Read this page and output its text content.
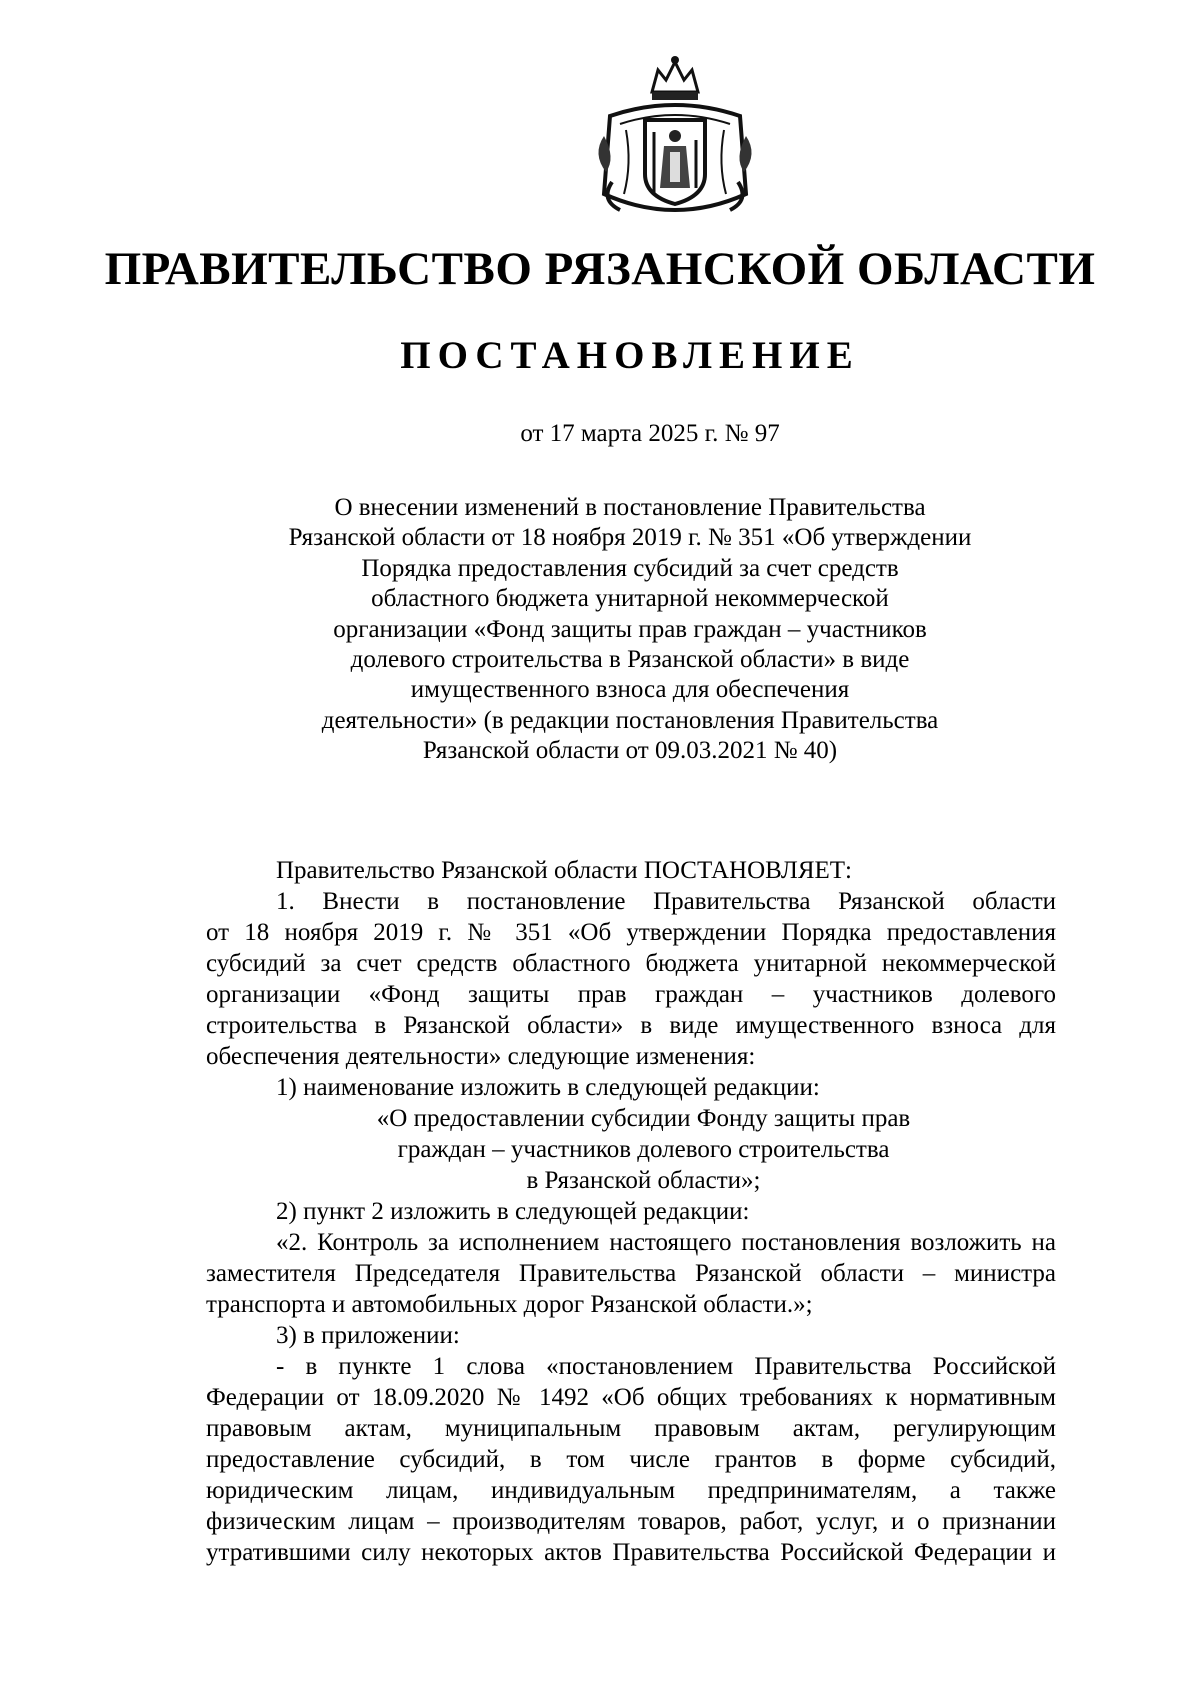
ПРАВИТЕЛЬСТВО РЯЗАНСКОЙ ОБЛАСТИ
ПОСТАНОВЛЕНИЕ
от 17 марта 2025 г. № 97
О внесении изменений в постановление Правительства
Рязанской области от 18 ноября 2019 г. № 351 «Об утверждении
Порядка предоставления субсидий за счет средств
областного бюджета унитарной некоммерческой
организации «Фонд защиты прав граждан – участников
долевого строительства в Рязанской области» в виде
имущественного взноса для обеспечения
деятельности» (в редакции постановления Правительства
Рязанской области от 09.03.2021 № 40)
Правительство Рязанской области ПОСТАНОВЛЯЕТ:
1. Внести в постановление Правительства Рязанской области
от 18 ноября 2019 г. № 351 «Об утверждении Порядка предоставления
субсидий за счет средств областного бюджета унитарной некоммерческой
организации «Фонд защиты прав граждан – участников долевого
строительства в Рязанской области» в виде имущественного взноса для
обеспечения деятельности» следующие изменения:
1) наименование изложить в следующей редакции:
«О предоставлении субсидии Фонду защиты прав
граждан – участников долевого строительства
в Рязанской области»;
2) пункт 2 изложить в следующей редакции:
«2. Контроль за исполнением настоящего постановления возложить на
заместителя Председателя Правительства Рязанской области – министра
транспорта и автомобильных дорог Рязанской области.»;
3) в приложении:
- в пункте 1 слова «постановлением Правительства Российской
Федерации от 18.09.2020 № 1492 «Об общих требованиях к нормативным
правовым актам, муниципальным правовым актам, регулирующим
предоставление субсидий, в том числе грантов в форме субсидий,
юридическим лицам, индивидуальным предпринимателям, а также
физическим лицам – производителям товаров, работ, услуг, и о признании
утратившими силу некоторых актов Правительства Российской Федерации и
